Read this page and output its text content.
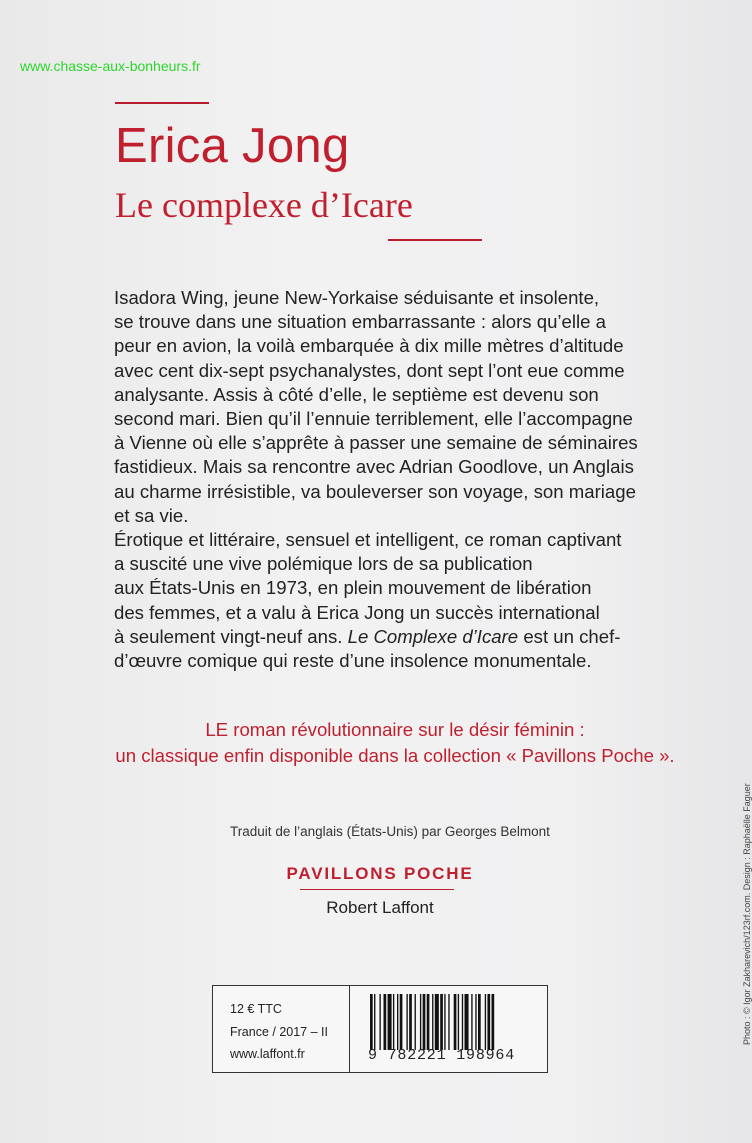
www.chasse-aux-bonheurs.fr
Erica Jong
Le complexe d’Icare

Isadora Wing, jeune New-Yorkaise séduisante et insolente,

se trouve dans une situation embarrassante : alors qu’elle a

peur en avion, la voilà embarquée à dix mille mètres d’altitude

avec cent dix-sept psychanalystes, dont sept l’ont eue comme

analysante. Assis à côté d’elle, le septième est devenu son

second mari. Bien qu’il l’ennuie terriblement, elle l’accompagne

à Vienne où elle s’apprête à passer une semaine de séminaires

fastidieux. Mais sa rencontre avec Adrian Goodlove, un Anglais

au charme irrésistible, va bouleverser son voyage, son mariage

et sa vie.

Érotique et littéraire, sensuel et intelligent, ce roman captivant

a suscité une vive polémique lors de sa publication

aux États-Unis en 1973, en plein mouvement de libération

des femmes, et a valu à Erica Jong un succès international

à seulement vingt-neuf ans. Le Complexe d’Icare est un chef-

d’œuvre comique qui reste d’une insolence monumentale.

LE roman révolutionnaire sur le désir féminin :
un classique enfin disponible dans la collection « Pavillons Poche ».
Traduit de l’anglais (États-Unis) par Georges Belmont
PAVILLONS POCHE
Robert Laffont
12 € TTC
France / 2017 – II
www.laffont.fr	9 782221 198964
Photo : © Igor Zakharevich/123rf.com. Design : Raphaëlle Faguer
